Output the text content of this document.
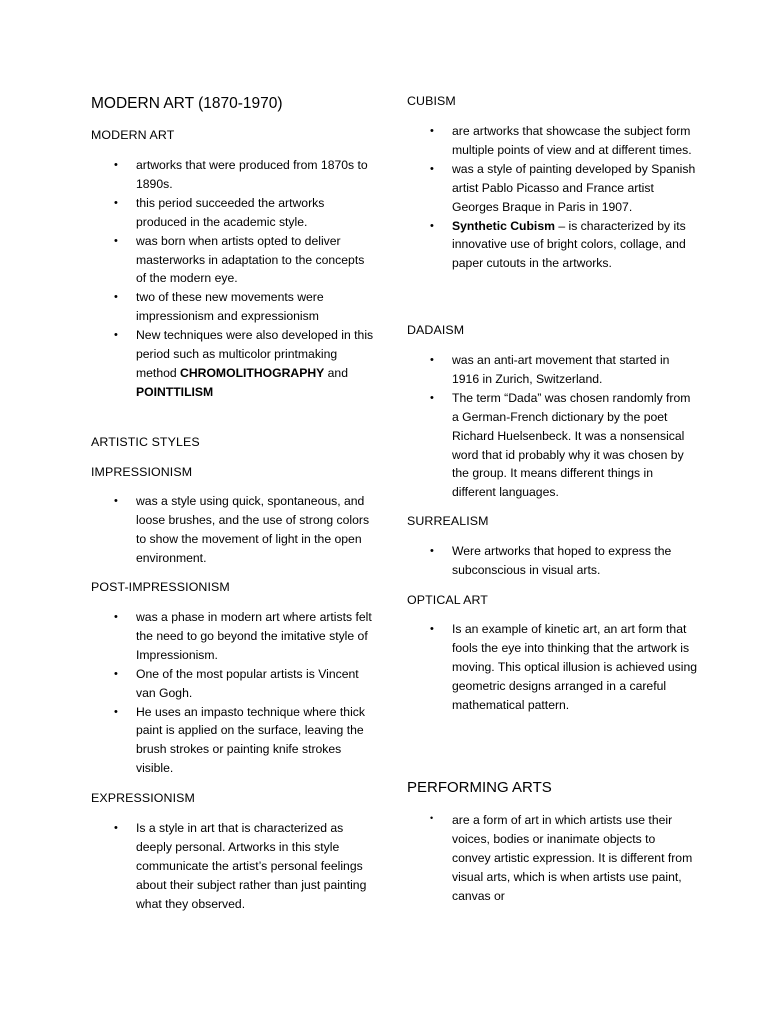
MODERN ART (1870-1970)
MODERN ART
• artworks that were produced from 1870s to 1890s.
• this period succeeded the artworks produced in the academic style.
• was born when artists opted to deliver masterworks in adaptation to the concepts of the modern eye.
• two of these new movements were impressionism and expressionism
• New techniques were also developed in this period such as multicolor printmaking method CHROMOLITHOGRAPHY and POINTTILISM
ARTISTIC STYLES
IMPRESSIONISM
• was a style using quick, spontaneous, and loose brushes, and the use of strong colors to show the movement of light in the open environment.
POST-IMPRESSIONISM
• was a phase in modern art where artists felt the need to go beyond the imitative style of Impressionism.
• One of the most popular artists is Vincent van Gogh.
• He uses an impasto technique where thick paint is applied on the surface, leaving the brush strokes or painting knife strokes visible.
EXPRESSIONISM
• Is a style in art that is characterized as deeply personal. Artworks in this style communicate the artist’s personal feelings about their subject rather than just painting what they observed.
CUBISM
• are artworks that showcase the subject form multiple points of view and at different times.
• was a style of painting developed by Spanish artist Pablo Picasso and France artist Georges Braque in Paris in 1907.
• Synthetic Cubism – is characterized by its innovative use of bright colors, collage, and paper cutouts in the artworks.
DADAISM
• was an anti-art movement that started in 1916 in Zurich, Switzerland.
• The term “Dada” was chosen randomly from a German-French dictionary by the poet Richard Huelsenbeck. It was a nonsensical word that id probably why it was chosen by the group. It means different things in different languages.
SURREALISM
• Were artworks that hoped to express the subconscious in visual arts.
OPTICAL ART
• Is an example of kinetic art, an art form that fools the eye into thinking that the artwork is moving. This optical illusion is achieved using geometric designs arranged in a careful mathematical pattern.
PERFORMING ARTS
• are a form of art in which artists use their voices, bodies or inanimate objects to convey artistic expression. It is different from visual arts, which is when artists use paint, canvas or
